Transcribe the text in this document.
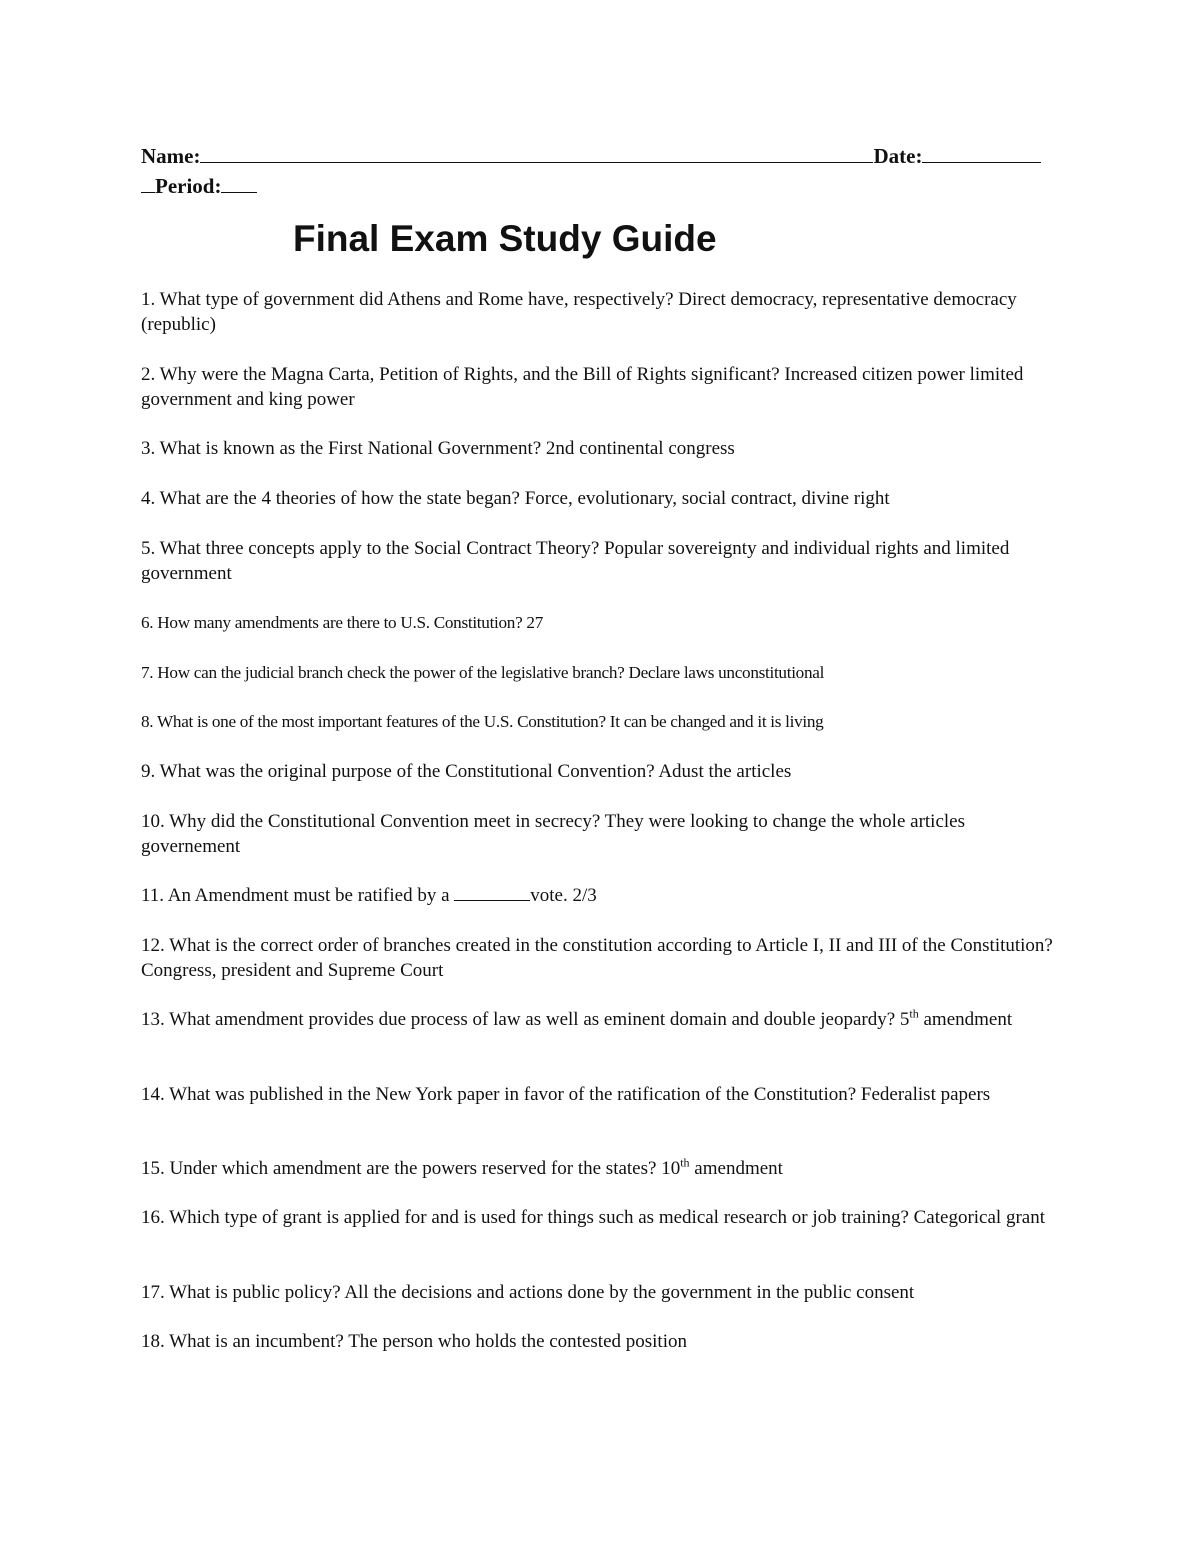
Name:	Date:
Period:
Final Exam Study Guide

1. What type of government did Athens and Rome have, respectively? Direct democracy, representative democracy (republic)

2. Why were the Magna Carta, Petition of Rights, and the Bill of Rights significant? Increased citizen power limited government and king power

3. What is known as the First National Government? 2nd continental congress

4. What are the 4 theories of how the state began? Force, evolutionary, social contract, divine right

5. What three concepts apply to the Social Contract Theory? Popular sovereignty and individual rights and limited government

6. How many amendments are there to U.S. Constitution? 27

7. How can the judicial branch check the power of the legislative branch? Declare laws unconstitutional

8. What is one of the most important features of the U.S. Constitution? It can be changed and it is living

9. What was the original purpose of the Constitutional Convention? Adust the articles

10. Why did the Constitutional Convention meet in secrecy? They were looking to change the whole articles governement

11. An Amendment must be ratified by a	vote. 2/3

12. What is the correct order of branches created in the constitution according to Article I, II and III of the Constitution? Congress, president and Supreme Court

13. What amendment provides due process of law as well as eminent domain and double jeopardy? 5th amendment

14. What was published in the New York paper in favor of the ratification of the Constitution? Federalist papers

15. Under which amendment are the powers reserved for the states? 10th amendment

16. Which type of grant is applied for and is used for things such as medical research or job training? Categorical grant

17. What is public policy? All the decisions and actions done by the government in the public consent

18. What is an incumbent? The person who holds the contested position
